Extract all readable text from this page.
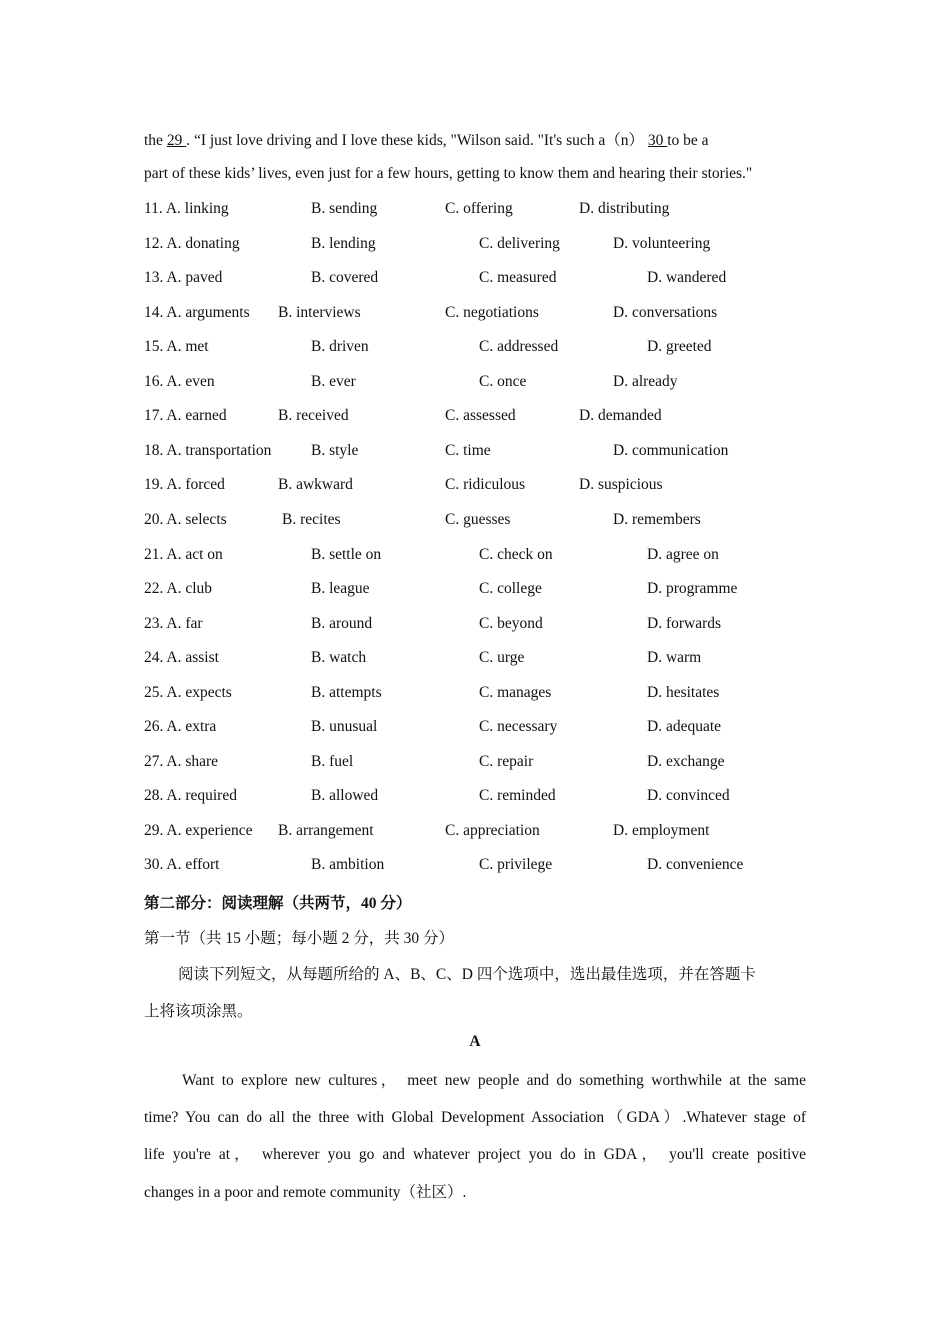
the 29 . “I just love driving and I love these kids, "Wilson said. "It's such a（n） 30 to be a
part of these kids’ lives, even just for a few hours, getting to know them and hearing their stories."
11. A. linking	B. sending	C. offering	D. distributing
12. A. donating	B. lending	C. delivering	D. volunteering
13. A. paved	B. covered	C. measured	D. wandered
14. A. arguments B. interviews	C. negotiations	D. conversations
15. A. met	B. driven	C. addressed	D. greeted
16. A. even	B. ever	C. once	D. already
17. A. earned	B. received	C. assessed	D. demanded
18. A. transportation	B. style	C. time	D. communication
19. A. forced	B. awkward	C. ridiculous	D. suspicious
20. A. selects	B. recites	C. guesses	D. remembers
21. A. act on	B. settle on	C. check on	D. agree on
22. A. club	B. league	C. college	D. programme
23. A. far	B. around	C. beyond	D. forwards
24. A. assist	B. watch	C. urge	D. warm
25. A. expects	B. attempts	C. manages	D. hesitates
26. A. extra	B. unusual	C. necessary	D. adequate
27. A. share	B. fuel	C. repair	D. exchange
28. A. required	B. allowed	C. reminded	D. convinced
29. A. experience B. arrangement	C. appreciation	D. employment
30. A. effort	B. ambition	C. privilege	D. convenience
第二部分：阅读理解（共两节，40 分）
第一节（共 15 小题；每小题 2 分，共 30 分）
阅读下列短文，从每题所给的 A、B、C、D 四个选项中，选出最佳选项，并在答题卡
上将该项涂黑。
A
Want to explore new cultures， meet new people and do something worthwhile at the same
time? You can do all the three with Global Development Association（GDA）.Whatever stage of
life you're at， wherever you go and whatever project you do in GDA， you'll create positive
changes in a poor and remote community（社区）.
